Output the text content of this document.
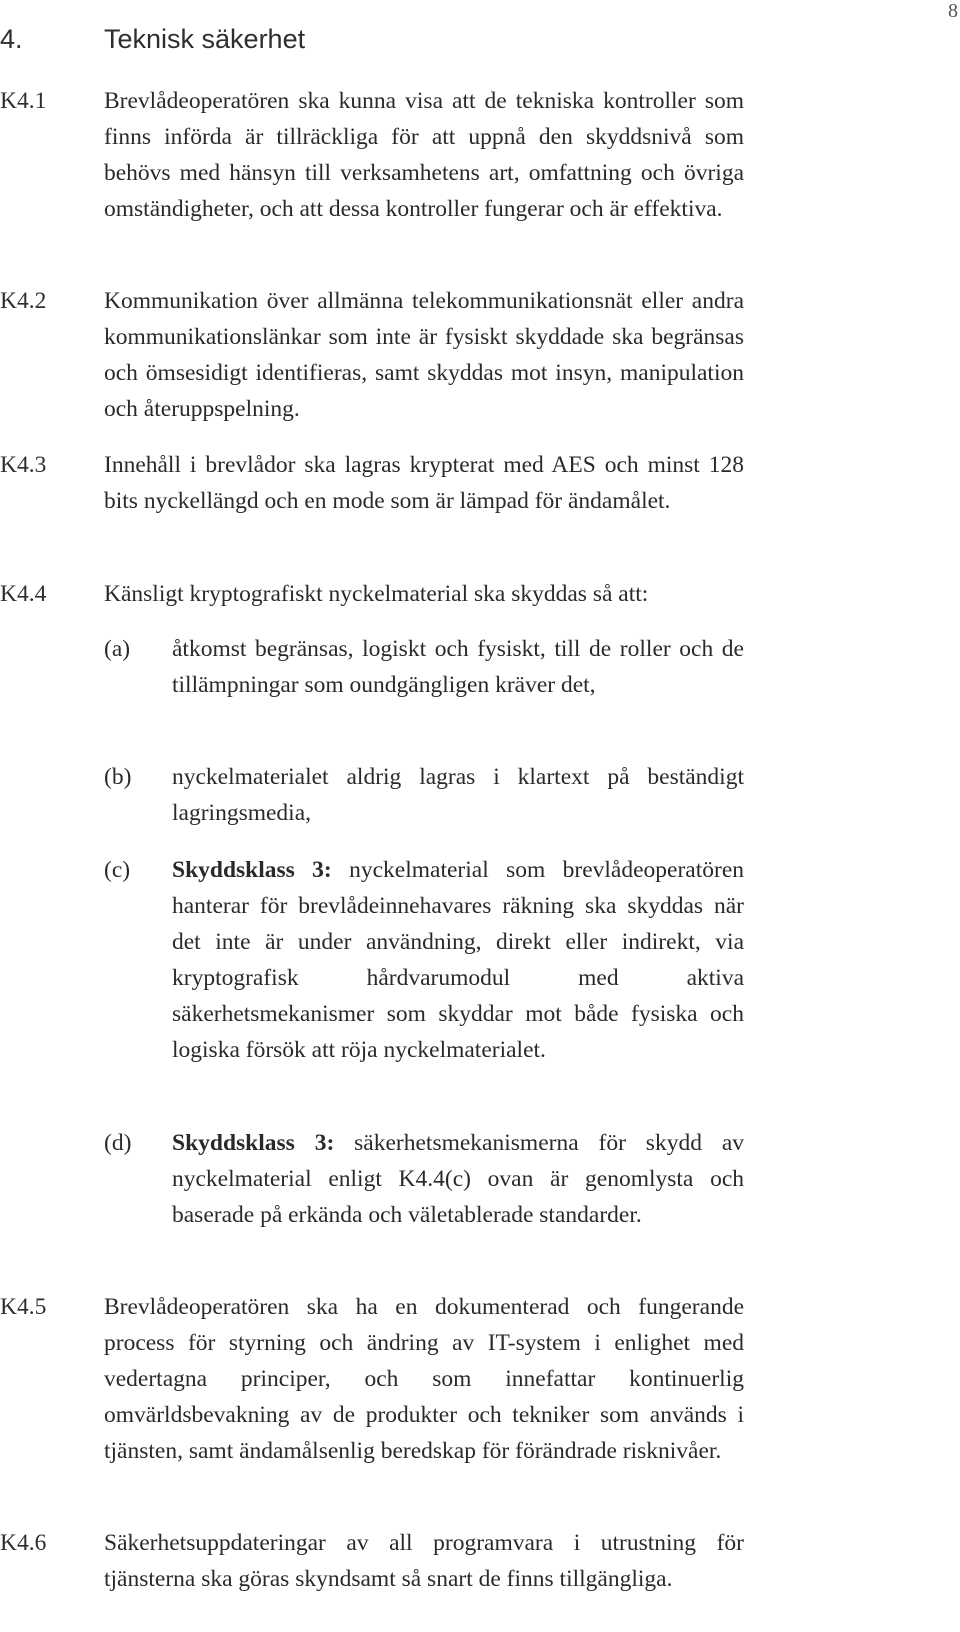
8
4.	Teknisk säkerhet
K4.1 Brevlådeoperatören ska kunna visa att de tekniska kontroller som finns införda är tillräckliga för att uppnå den skyddsnivå som behövs med hänsyn till verksamhetens art, omfattning och övriga omständigheter, och att dessa kontroller fungerar och är effektiva.
K4.2 Kommunikation över allmänna telekommunikationsnät eller andra kommunikationslänkar som inte är fysiskt skyddade ska begränsas och ömsesidigt identifieras, samt skyddas mot insyn, manipulation och återuppspelning.
K4.3 Innehåll i brevlådor ska lagras krypterat med AES och minst 128 bits nyckellängd och en mode som är lämpad för ändamålet.
K4.4 Känsligt kryptografiskt nyckelmaterial ska skyddas så att:
(a) åtkomst begränsas, logiskt och fysiskt, till de roller och de tillämpningar som oundgängligen kräver det,
(b) nyckelmaterialet aldrig lagras i klartext på beständigt lagringsmedia,
(c) Skyddsklass 3: nyckelmaterial som brevlådeoperatören hanterar för brevlådeinnehavares räkning ska skyddas när det inte är under användning, direkt eller indirekt, via kryptografisk hårdvarumodul med aktiva säkerhetsmekanismer som skyddar mot både fysiska och logiska försök att röja nyckelmaterialet.
(d) Skyddsklass 3: säkerhetsmekanismerna för skydd av nyckelmaterial enligt K4.4(c) ovan är genomlysta och baserade på erkända och väletablerade standarder.
K4.5 Brevlådeoperatören ska ha en dokumenterad och fungerande process för styrning och ändring av IT-system i enlighet med vedertagna principer, och som innefattar kontinuerlig omvärldsbevakning av de produkter och tekniker som används i tjänsten, samt ändamålsenlig beredskap för förändrade risknivåer.
K4.6 Säkerhetsuppdateringar av all programvara i utrustning för tjänsterna ska göras skyndsamt så snart de finns tillgängliga.
